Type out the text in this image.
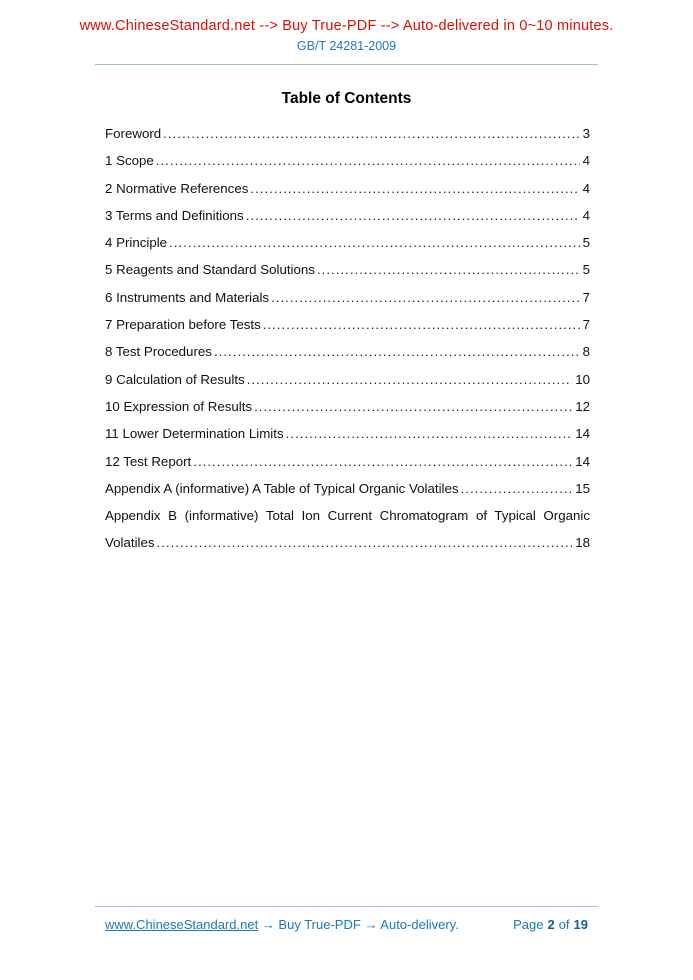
www.ChineseStandard.net --> Buy True-PDF --> Auto-delivered in 0~10 minutes.
GB/T 24281-2009
Table of Contents
Foreword .....	3
1 Scope .....	4
2 Normative References .....	4
3 Terms and Definitions .....	4
4 Principle .....	5
5 Reagents and Standard Solutions .....	5
6 Instruments and Materials .....	7
7 Preparation before Tests .....	7
8 Test Procedures .....	8
9 Calculation of Results .....	10
10 Expression of Results .....	12
11 Lower Determination Limits .....	14
12 Test Report .....	14
Appendix A (informative) A Table of Typical Organic Volatiles .....	15
Appendix B (informative) Total Ion Current Chromatogram of Typical Organic
Volatiles .....	18
www.ChineseStandard.net → Buy True-PDF → Auto-delivery.	Page 2 of 19
